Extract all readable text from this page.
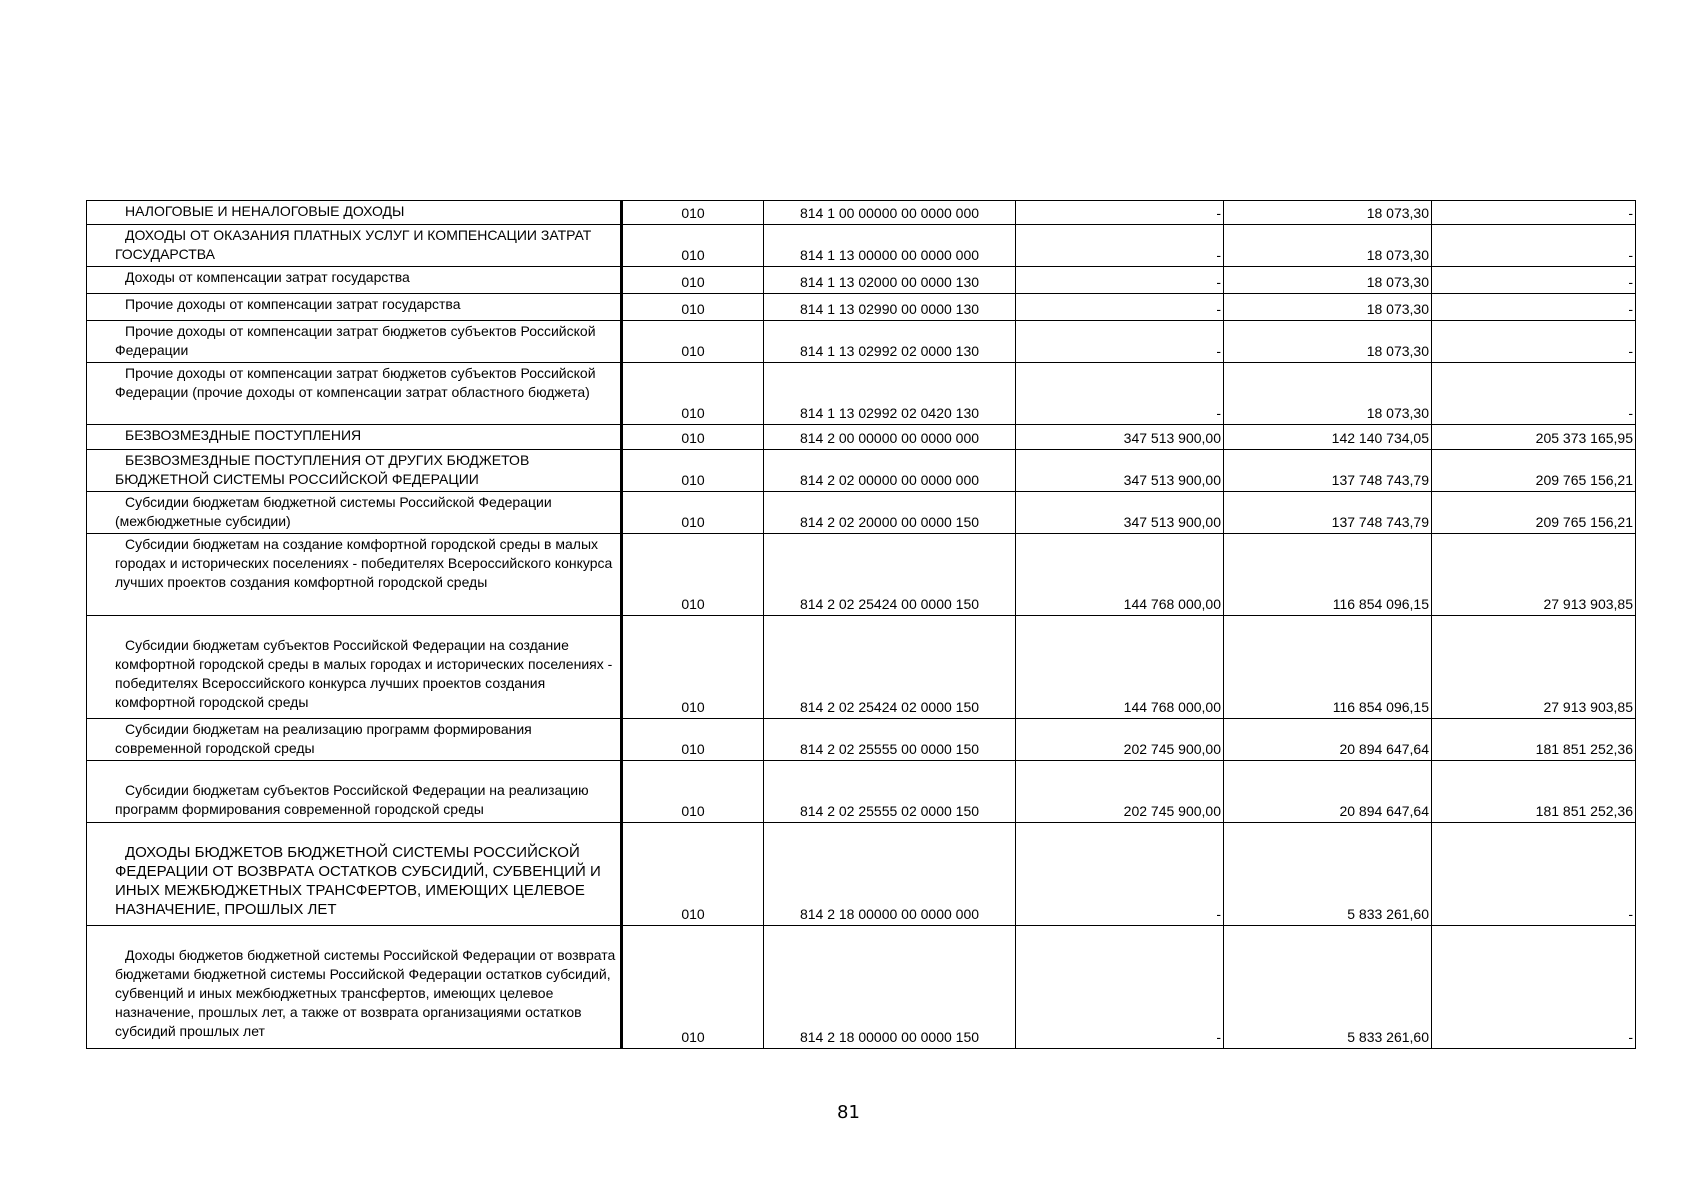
НАЛОГОВЫЕ И НЕНАЛОГОВЫЕ ДОХОДЫ	010	814 1 00 00000 00 0000 000	-	18 073,30	-
ДОХОДЫ ОТ ОКАЗАНИЯ ПЛАТНЫХ УСЛУГ И КОМПЕНСАЦИИ ЗАТРАТ ГОСУДАРСТВА	010	814 1 13 00000 00 0000 000	-	18 073,30	-
Доходы от компенсации затрат государства	010	814 1 13 02000 00 0000 130	-	18 073,30	-
Прочие доходы от компенсации затрат государства	010	814 1 13 02990 00 0000 130	-	18 073,30	-
Прочие доходы от компенсации затрат бюджетов субъектов Российской Федерации	010	814 1 13 02992 02 0000 130	-	18 073,30	-
Прочие доходы от компенсации затрат бюджетов субъектов Российской Федерации (прочие доходы от компенсации затрат областного бюджета)	010	814 1 13 02992 02 0420 130	-	18 073,30	-
БЕЗВОЗМЕЗДНЫЕ ПОСТУПЛЕНИЯ	010	814 2 00 00000 00 0000 000	347 513 900,00	142 140 734,05	205 373 165,95
БЕЗВОЗМЕЗДНЫЕ ПОСТУПЛЕНИЯ ОТ ДРУГИХ БЮДЖЕТОВ БЮДЖЕТНОЙ СИСТЕМЫ РОССИЙСКОЙ ФЕДЕРАЦИИ	010	814 2 02 00000 00 0000 000	347 513 900,00	137 748 743,79	209 765 156,21
Субсидии бюджетам бюджетной системы Российской Федерации (межбюджетные субсидии)	010	814 2 02 20000 00 0000 150	347 513 900,00	137 748 743,79	209 765 156,21
Субсидии бюджетам на создание комфортной городской среды в малых городах и исторических поселениях - победителях Всероссийского конкурса лучших проектов создания комфортной городской среды	010	814 2 02 25424 00 0000 150	144 768 000,00	116 854 096,15	27 913 903,85
Субсидии бюджетам субъектов Российской Федерации на создание комфортной городской среды в малых городах и исторических поселениях - победителях Всероссийского конкурса лучших проектов создания комфортной городской среды	010	814 2 02 25424 02 0000 150	144 768 000,00	116 854 096,15	27 913 903,85
Субсидии бюджетам на реализацию программ формирования современной городской среды	010	814 2 02 25555 00 0000 150	202 745 900,00	20 894 647,64	181 851 252,36
Субсидии бюджетам субъектов Российской Федерации на реализацию программ формирования современной городской среды	010	814 2 02 25555 02 0000 150	202 745 900,00	20 894 647,64	181 851 252,36
ДОХОДЫ БЮДЖЕТОВ БЮДЖЕТНОЙ СИСТЕМЫ РОССИЙСКОЙ ФЕДЕРАЦИИ ОТ ВОЗВРАТА ОСТАТКОВ СУБСИДИЙ, СУБВЕНЦИЙ И ИНЫХ МЕЖБЮДЖЕТНЫХ ТРАНСФЕРТОВ, ИМЕЮЩИХ ЦЕЛЕВОЕ НАЗНАЧЕНИЕ, ПРОШЛЫХ ЛЕТ	010	814 2 18 00000 00 0000 000	-	5 833 261,60	-
Доходы бюджетов бюджетной системы Российской Федерации от возврата бюджетами бюджетной системы Российской Федерации остатков субсидий, субвенций и иных межбюджетных трансфертов, имеющих целевое назначение, прошлых лет, а также от возврата организациями остатков субсидий прошлых лет	010	814 2 18 00000 00 0000 150	-	5 833 261,60	-
81
